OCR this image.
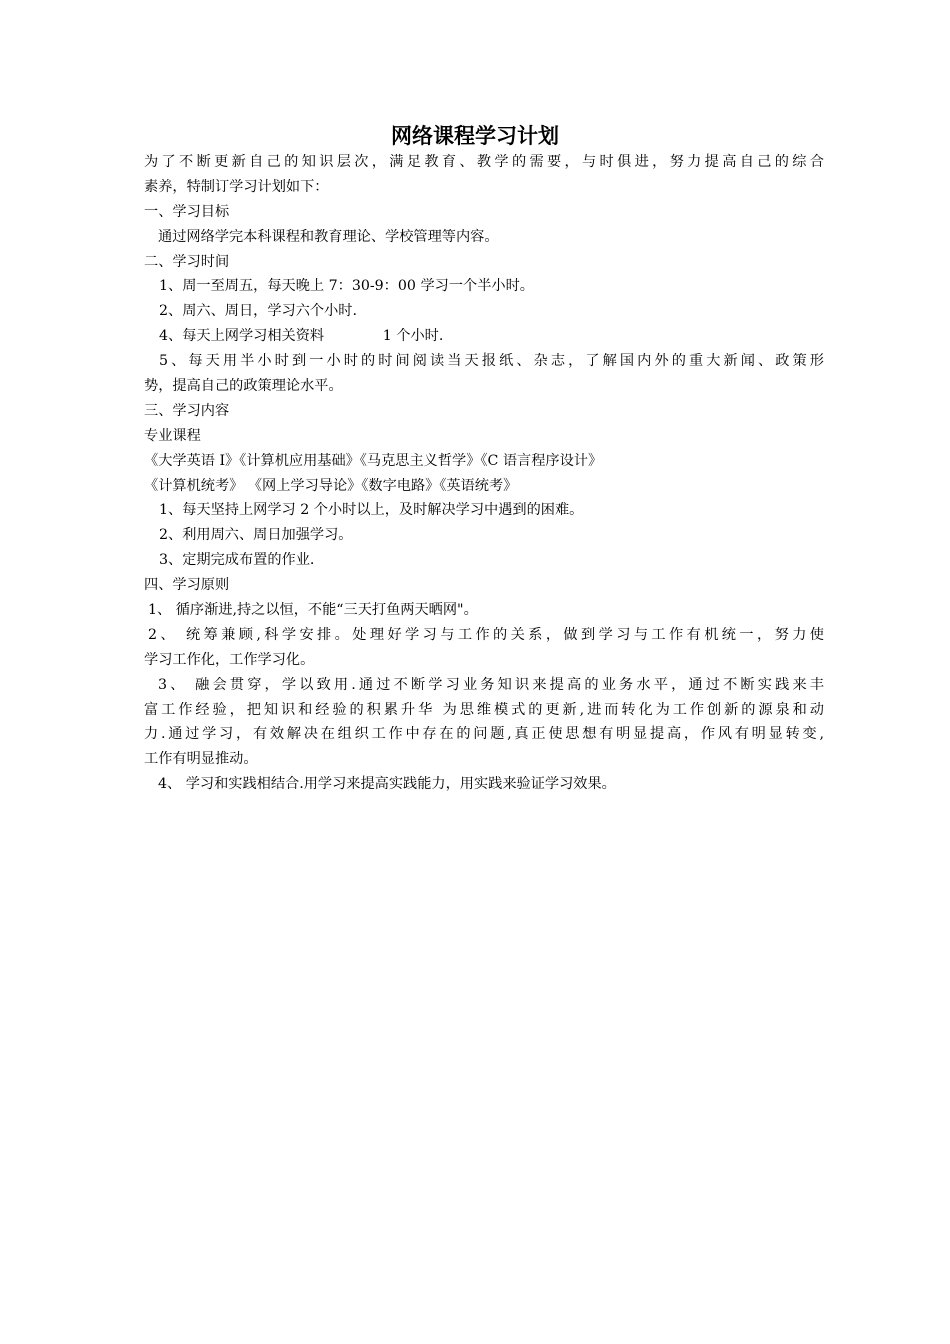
网络课程学习计划
为了不断更新自己的知识层次，满足教育、教学的需要，与时俱进，努力提高自己的综合
素养，特制订学习计划如下：
一、学习目标
通过网络学完本科课程和教育理论、学校管理等内容。
二、学习时间
1、周一至周五，每天晚上 7：30-9：00 学习一个半小时。
2、周六、周日，学习六个小时.
4、每天上网学习相关资料             1 个小时.
5、每天用半小时到一小时的时间阅读当天报纸、杂志，了解国内外的重大新闻、政策形
势，提高自己的政策理论水平。
三、学习内容
专业课程
《大学英语 I》《计算机应用基础》《马克思主义哲学》《C 语言程序设计》
《计算机统考》 《网上学习导论》《数字电路》《英语统考》
1、每天坚持上网学习 2 个小时以上，及时解决学习中遇到的困难。
2、利用周六、周日加强学习。
3、定期完成布置的作业.
四、学习原则
1、 循序渐进,持之以恒，不能“三天打鱼两天晒网"。
2、 统筹兼顾,科学安排。处理好学习与工作的关系，做到学习与工作有机统一，努力使
学习工作化，工作学习化。
3、 融会贯穿，学以致用.通过不断学习业务知识来提高的业务水平，通过不断实践来丰
富工作经验，把知识和经验的积累升华 为思维模式的更新,进而转化为工作创新的源泉和动
力.通过学习，有效解决在组织工作中存在的问题,真正使思想有明显提高，作风有明显转变,
工作有明显推动。
4、 学习和实践相结合.用学习来提高实践能力，用实践来验证学习效果。
